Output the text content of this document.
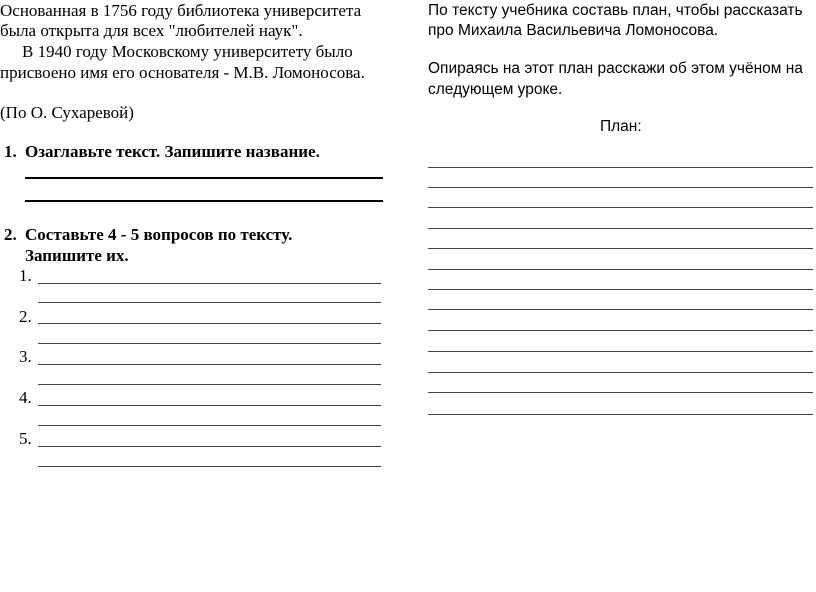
Основанная в 1756 году библиотека университета
была открыта для всех "любителей наук".
В 1940 году Московскому университету было
присвоено имя его основателя - М.В. Ломоносова.
(По О. Сухаревой)
1. Озаглавьте текст. Запишите название.
2. Составьте 4 - 5 вопросов по тексту.
Запишите их.
1.
2.
3.
4.
5.
По тексту учебника составь план, чтобы рассказать
про Михаила Васильевича Ломоносова.
Опираясь на этот план расскажи об этом учёном на
следующем уроке.
План:
